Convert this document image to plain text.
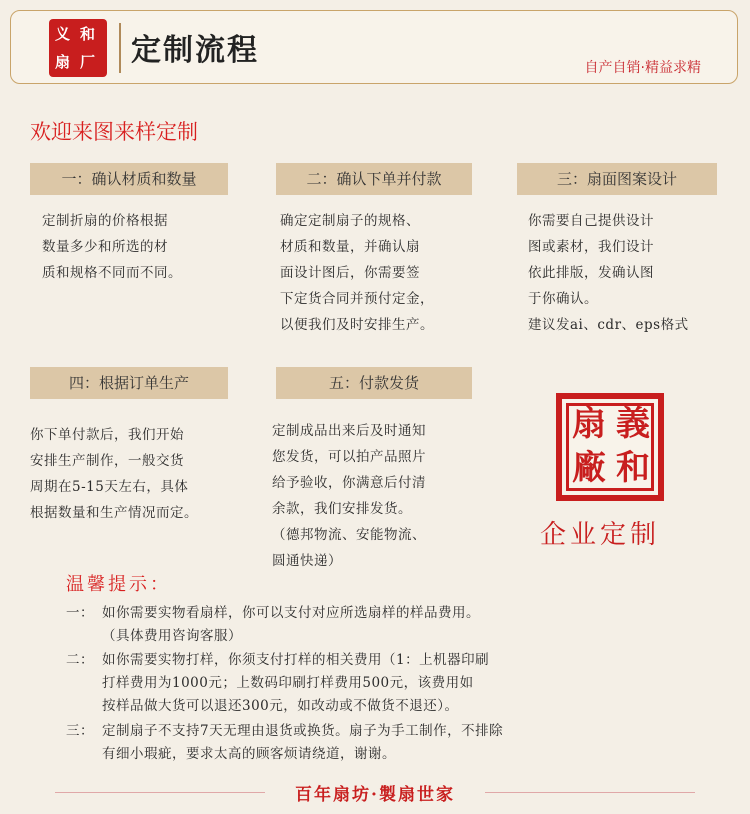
义 和
扇 厂 定制流程	自产自销·精益求精
欢迎来图来样定制
一：确认材质和数量
定制折扇的价格根据
数量多少和所选的材
质和规格不同而不同。
二：确认下单并付款
确定定制扇子的规格、
材质和数量，并确认扇
面设计图后，你需要签
下定货合同并预付定金，
以便我们及时安排生产。
三：扇面图案设计
你需要自己提供设计
图或素材，我们设计
依此排版，发确认图
于你确认。
建议发ai、cdr、eps格式
四：根据订单生产
你下单付款后，我们开始
安排生产制作，一般交货
周期在5-15天左右，具体
根据数量和生产情况而定。
五：付款发货
定制成品出来后及时通知
您发货，可以拍产品照片
给予验收，你满意后付清
余款，我们安排发货。
（德邦物流、安能物流、
圆通快递）
義
和
扇
廠
企业定制
温馨提示：
一： 如你需要实物看扇样，你可以支付对应所选扇样的样品费用。
（具体费用咨询客服）
二： 如你需要实物打样，你须支付打样的相关费用（1：上机器印刷
打样费用为1000元；上数码印刷打样费用500元，该费用如
按样品做大货可以退还300元，如改动或不做货不退还）。
三： 定制扇子不支持7天无理由退货或换货。扇子为手工制作，不排除
有细小瑕疵，要求太高的顾客烦请绕道，谢谢。
百年扇坊·製扇世家
